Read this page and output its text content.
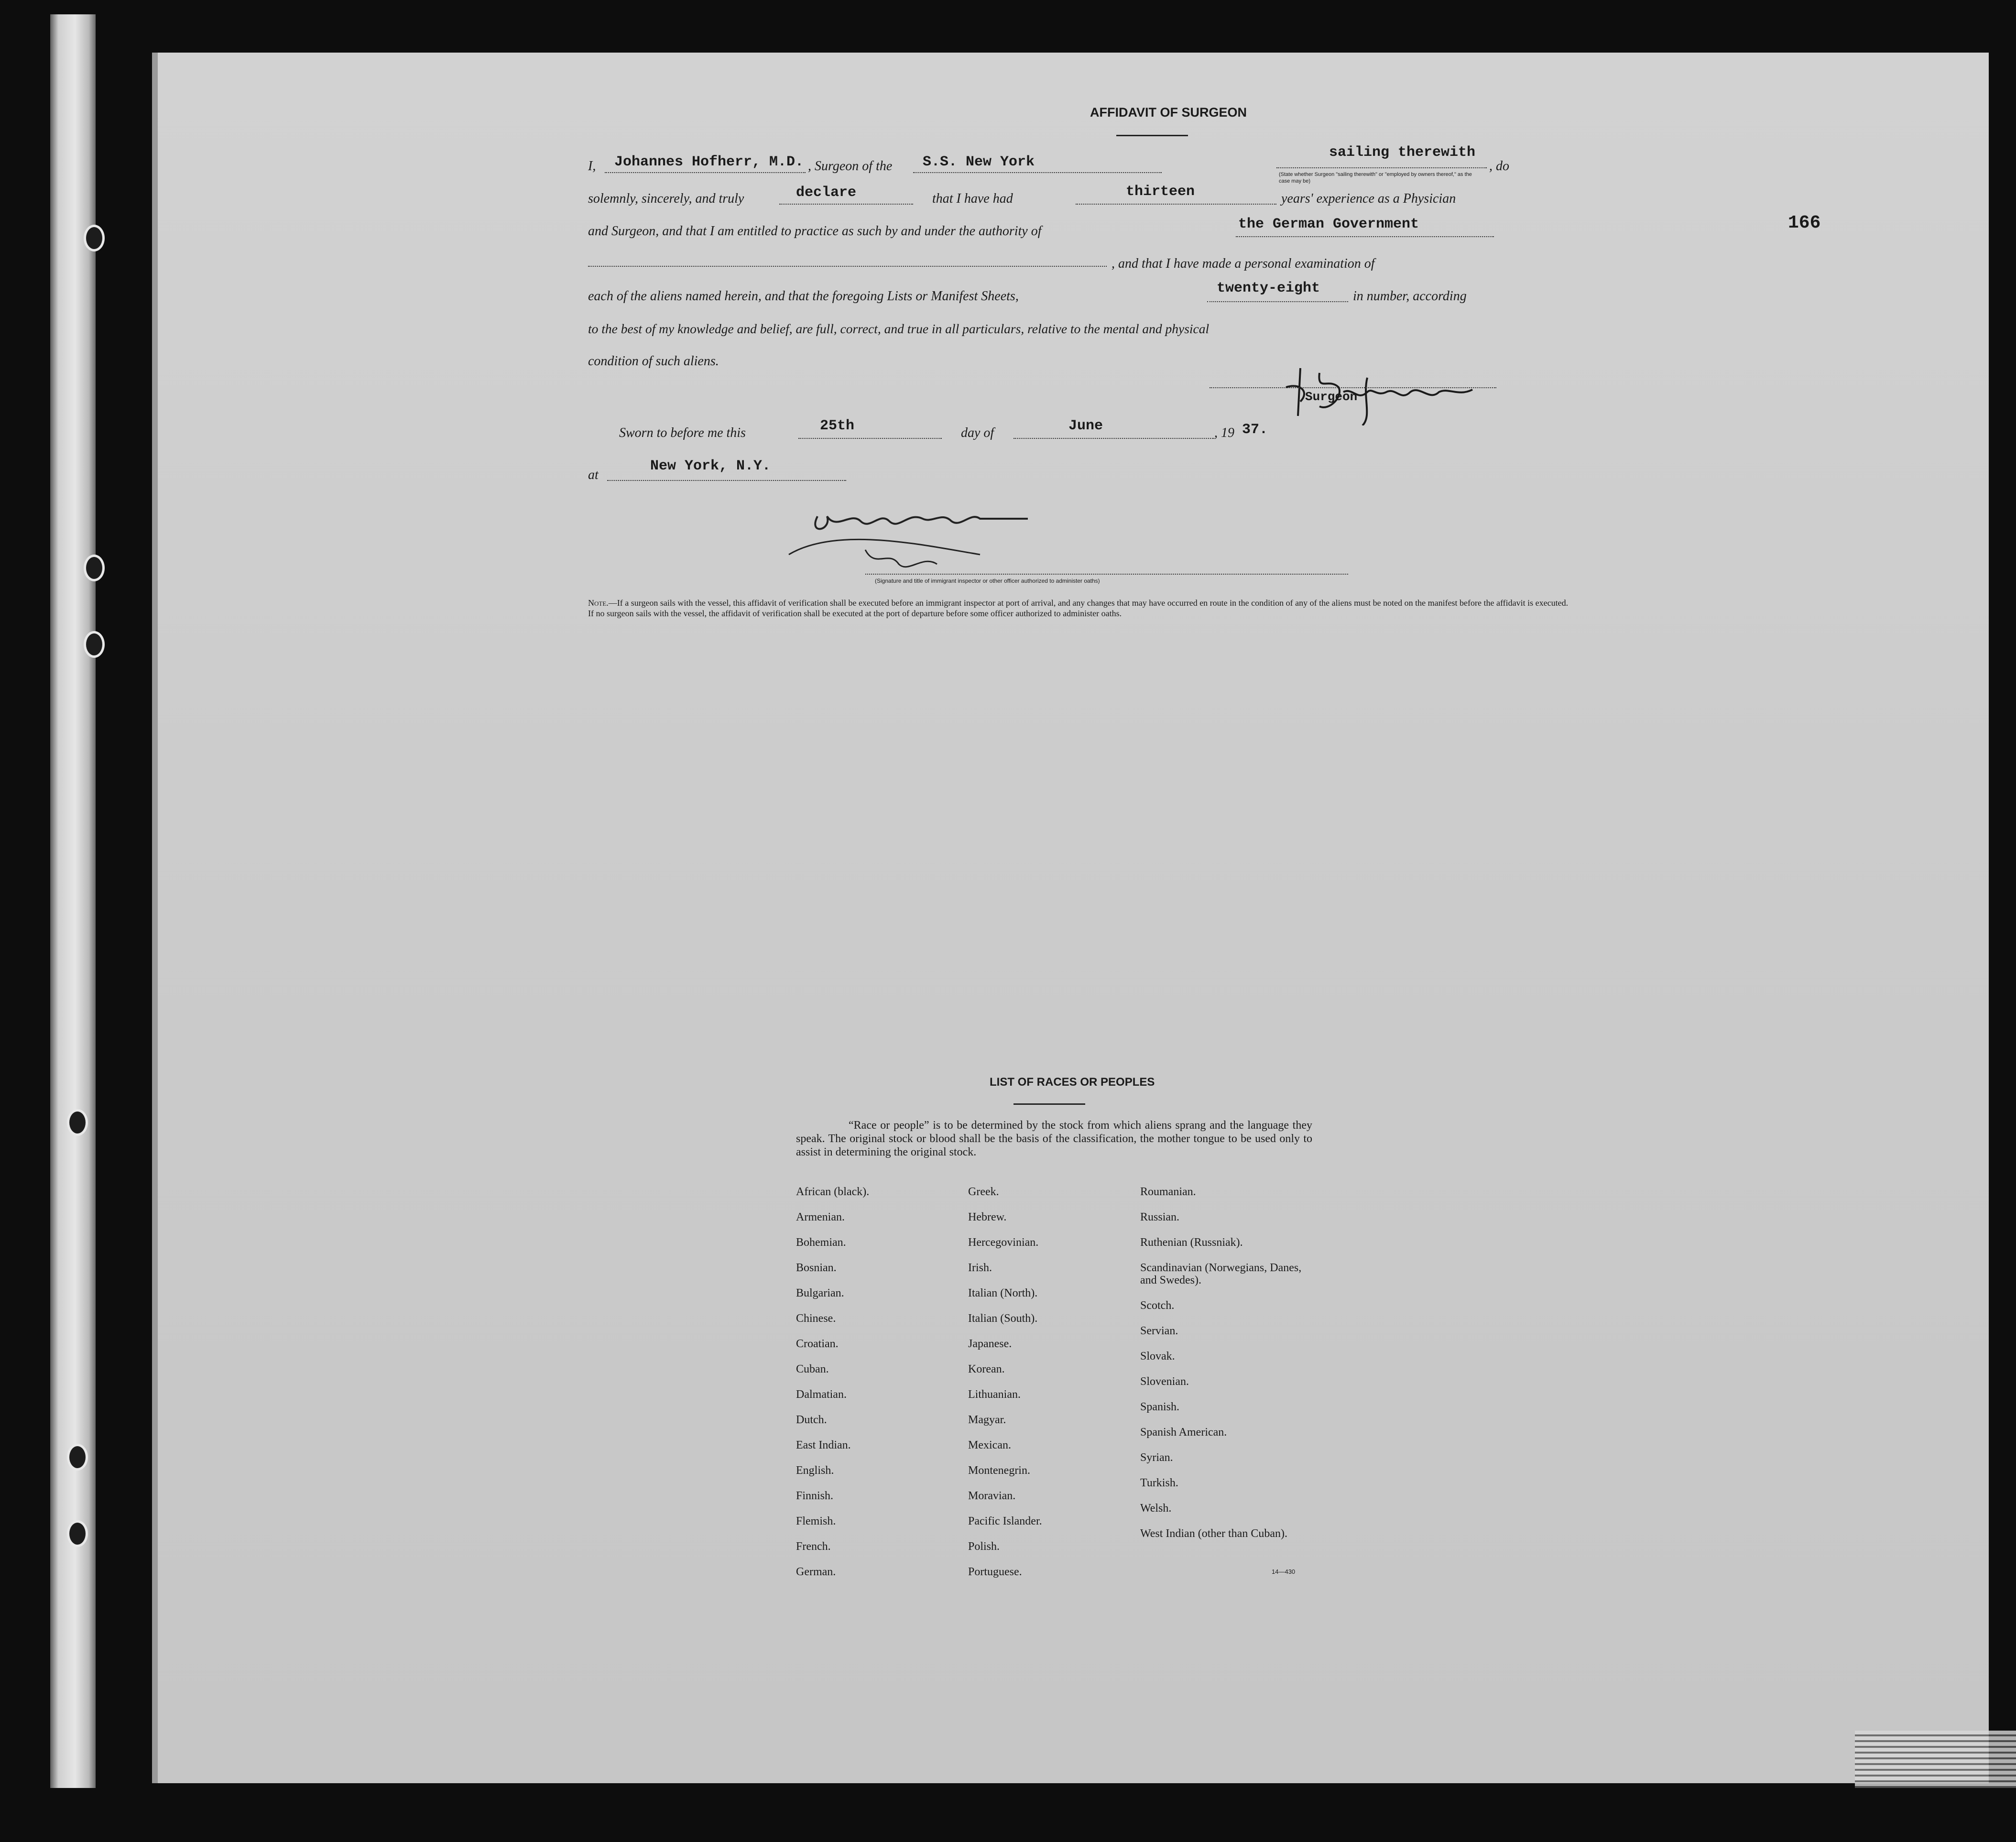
166
AFFIDAVIT OF SURGEON
I, Johannes Hofherr, M.D. , Surgeon of the S.S. New York
sailing therewith
, do
(State whether Surgeon "sailing therewith" or "employed by owners thereof," as the case may be)
solemnly, sincerely, and truly	declare	that I have had	thirteen	years' experience as a Physician
and Surgeon, and that I am entitled to practice as such by and under the authority of	the German Government
, and that I have made a personal examination of
each of the aliens named herein, and that the foregoing Lists or Manifest Sheets,	twenty-eight in number, according
to the best of my knowledge and belief, are full, correct, and true in all particulars, relative to the mental and physical
condition of such aliens.
Surgeon
Sworn to before me this	25th	day of	June	, 19 37.
at
New York, N.Y.
(Signature and title of immigrant inspector or other officer authorized to administer oaths)
Note.—If a surgeon sails with the vessel, this affidavit of verification shall be executed before an immigrant inspector at port of arrival, and any changes that may have occurred en route in the condition of any of the aliens must be noted on the manifest before the affidavit is executed.
If no surgeon sails with the vessel, the affidavit of verification shall be executed at the port of departure before some officer authorized to administer oaths.
LIST OF RACES OR PEOPLES
“Race or people” is to be determined by the stock from which aliens sprang and the language they speak. The original stock or blood shall be the basis of the classification, the mother tongue to be used only to assist in determining the original stock.
African (black).
Armenian.
Bohemian.
Bosnian.
Bulgarian.
Chinese.
Croatian.
Cuban.
Dalmatian.
Dutch.
East Indian.
English.
Finnish.
Flemish.
French.
German.
Greek.
Hebrew.
Hercegovinian.
Irish.
Italian (North).
Italian (South).
Japanese.
Korean.
Lithuanian.
Magyar.
Mexican.
Montenegrin.
Moravian.
Pacific Islander.
Polish.
Portuguese.
Roumanian.
Russian.
Ruthenian (Russniak).
Scandinavian (Norwegians, Danes, and Swedes).
Scotch.
Servian.
Slovak.
Slovenian.
Spanish.
Spanish American.
Syrian.
Turkish.
Welsh.
West Indian (other than Cuban).
14—430
